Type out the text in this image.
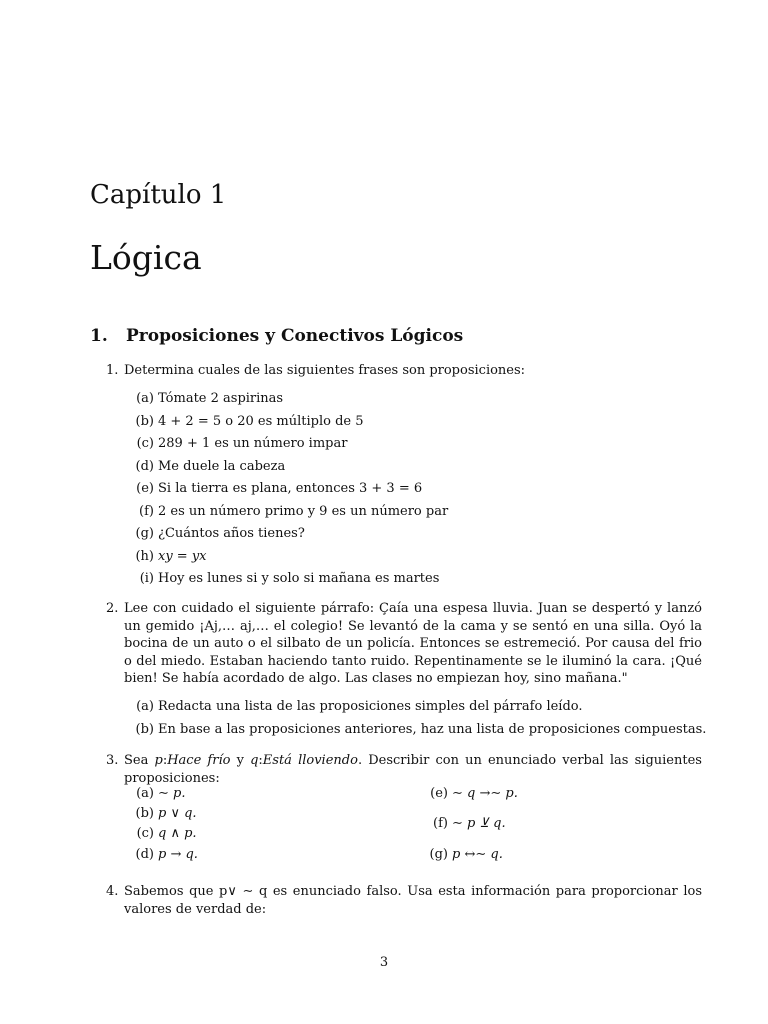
Capítulo 1
Lógica
1. Proposiciones y Conectivos Lógicos
1. Determina cuales de las siguientes frases son proposiciones:
(a) Tómate 2 aspirinas
(b) 4 + 2 = 5 o 20 es múltiplo de 5
(c) 289 + 1 es un número impar
(d) Me duele la cabeza
(e) Si la tierra es plana, entonces 3 + 3 = 6
(f) 2 es un número primo y 9 es un número par
(g) ¿Cuántos años tienes?
(h) xy = yx
(i) Hoy es lunes si y solo si mañana es martes
2. Lee con cuidado el siguiente párrafo: Çaía una espesa lluvia. Juan se despertó y lanzó un gemido ¡Aj,… aj,… el colegio! Se levantó de la cama y se sentó en una silla. Oyó la bocina de un auto o el silbato de un policía. Entonces se estremeció. Por causa del frio o del miedo. Estaban haciendo tanto ruido. Repentinamente se le iluminó la cara. ¡Qué bien! Se había acordado de algo. Las clases no empiezan hoy, sino mañana."
(a) Redacta una lista de las proposiciones simples del párrafo leído.
(b) En base a las proposiciones anteriores, haz una lista de proposiciones compuestas.
3. Sea p:Hace frío y q:Está lloviendo. Describir con un enunciado verbal las siguientes proposiciones:
(a) ∼ p.
(b) p ∨ q.
(c) q ∧ p.
(d) p → q.
(e) ∼ q →∼ p.
(f) ∼ p ⊻ q.
(g) p ↔∼ q.
4. Sabemos que p∨ ∼ q es enunciado falso. Usa esta información para proporcionar los valores de verdad de:
3
